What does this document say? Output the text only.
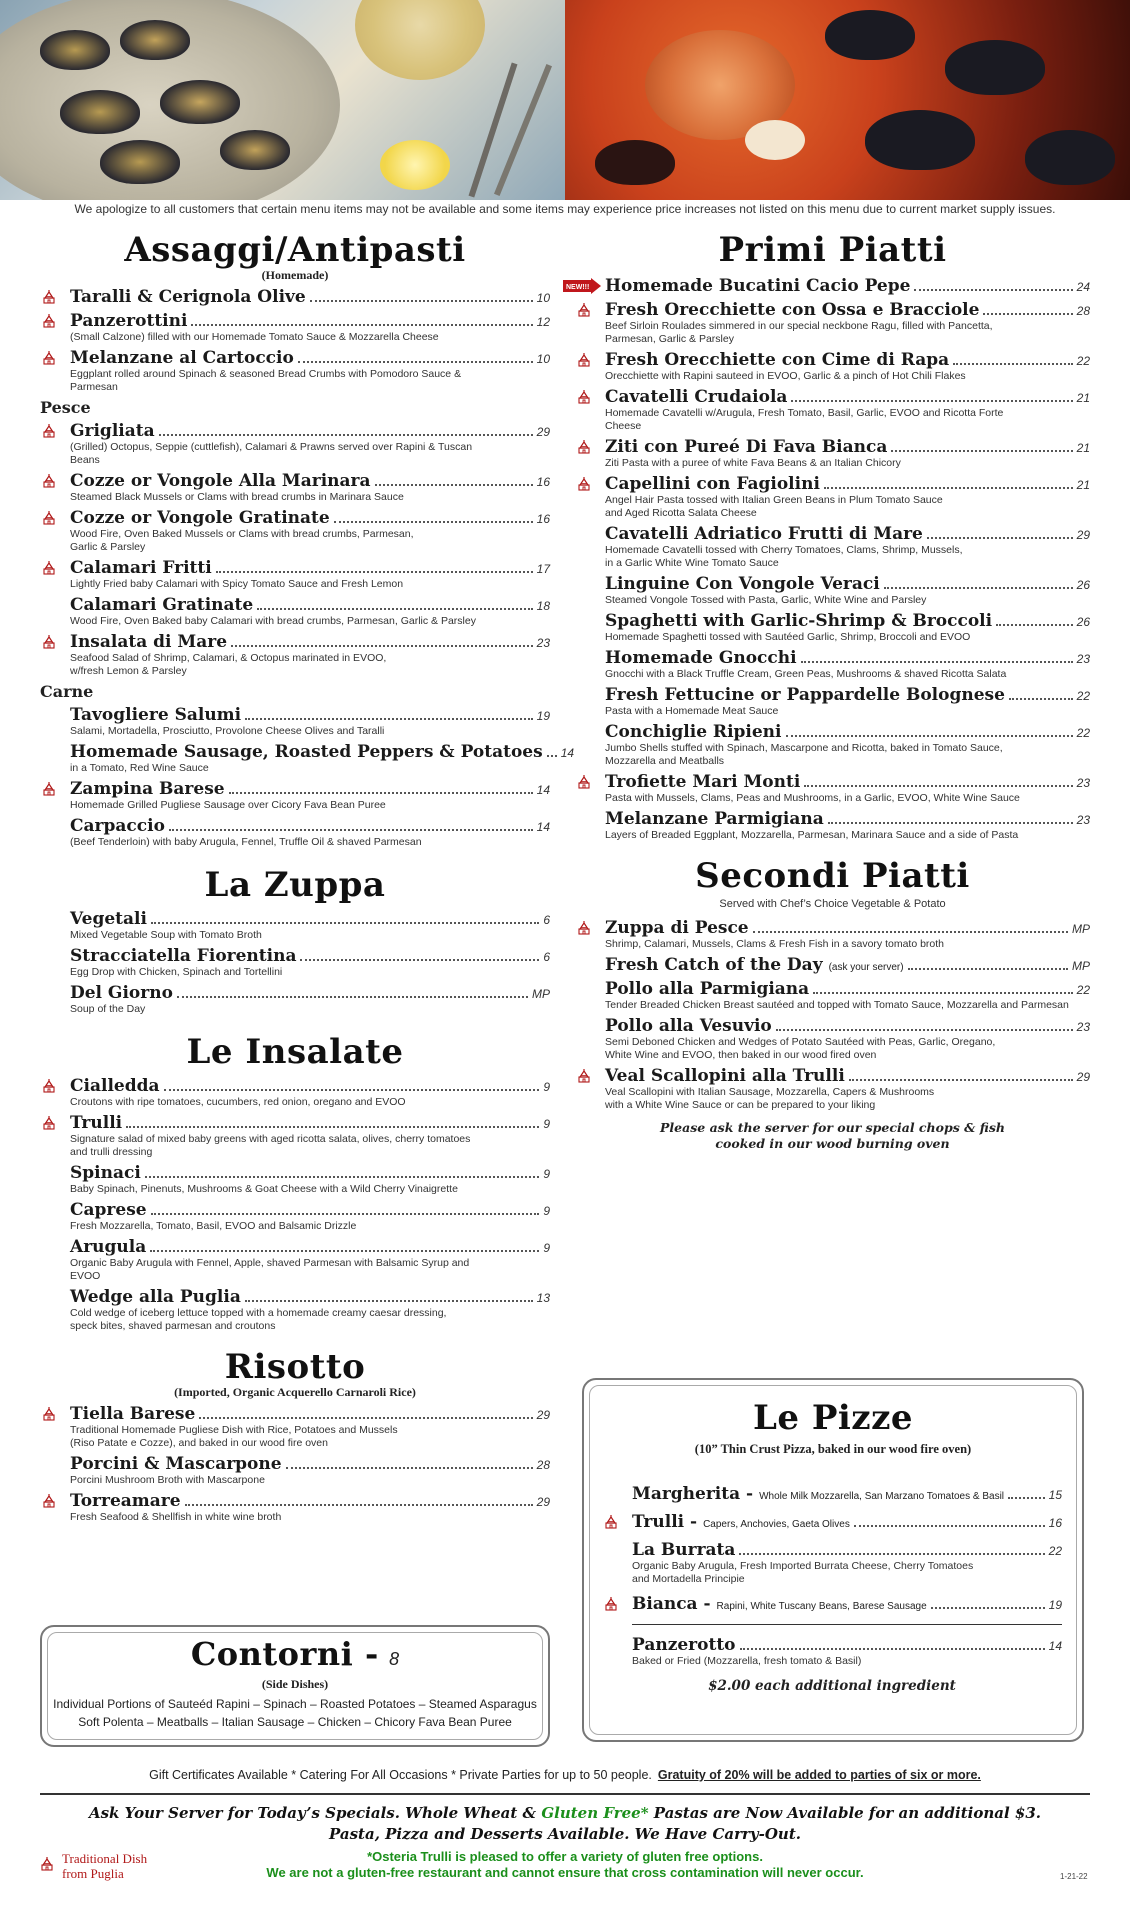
We apologize to all customers that certain menu items may not be available and some items may experience price increases not listed on this menu due to current market supply issues.
Assaggi/Antipasti
(Homemade)
Taralli & Cerignola Olive	10
Panzerottini	12
(Small Calzone) filled with our Homemade Tomato Sauce & Mozzarella Cheese
Melanzane al Cartoccio	10
Eggplant rolled around Spinach & seasoned Bread Crumbs with Pomodoro Sauce & Parmesan
Pesce
Grigliata	29
(Grilled) Octopus, Seppie (cuttlefish), Calamari & Prawns served over Rapini & Tuscan Beans
Cozze or Vongole Alla Marinara	16
Steamed Black Mussels or Clams with bread crumbs in Marinara Sauce
Cozze or Vongole Gratinate	16
Wood Fire, Oven Baked Mussels or Clams with bread crumbs, Parmesan,
Garlic & Parsley
Calamari Fritti	17
Lightly Fried baby Calamari with Spicy Tomato Sauce and Fresh Lemon
Calamari Gratinate	18
Wood Fire, Oven Baked baby Calamari with bread crumbs, Parmesan, Garlic & Parsley
Insalata di Mare	23
Seafood Salad of Shrimp, Calamari, & Octopus marinated in EVOO,
w/fresh Lemon & Parsley
Carne
Tavogliere Salumi	19
Salami, Mortadella, Prosciutto, Provolone Cheese Olives and Taralli
Homemade Sausage, Roasted Peppers & Potatoes 14
in a Tomato, Red Wine Sauce
Zampina Barese	14
Homemade Grilled Pugliese Sausage over Cicory Fava Bean Puree
Carpaccio	14
(Beef Tenderloin) with baby Arugula, Fennel, Truffle Oil & shaved Parmesan
La Zuppa
Vegetali	6
Mixed Vegetable Soup with Tomato Broth
Stracciatella Fiorentina	6
Egg Drop with Chicken, Spinach and Tortellini
Del Giorno	MP
Soup of the Day
Le Insalate
Cialledda	9
Croutons with ripe tomatoes, cucumbers, red onion, oregano and EVOO
Trulli	9
Signature salad of mixed baby greens with aged ricotta salata, olives, cherry tomatoes
and trulli dressing
Spinaci	9
Baby Spinach, Pinenuts, Mushrooms & Goat Cheese with a Wild Cherry Vinaigrette
Caprese	9
Fresh Mozzarella, Tomato, Basil, EVOO and Balsamic Drizzle
Arugula	9
Organic Baby Arugula with Fennel, Apple, shaved Parmesan with Balsamic Syrup and EVOO
Wedge alla Puglia	13
Cold wedge of iceberg lettuce topped with a homemade creamy caesar dressing,
speck bites, shaved parmesan and croutons
Risotto
(Imported, Organic Acquerello Carnaroli Rice)
Tiella Barese	29
Traditional Homemade Pugliese Dish with Rice, Potatoes and Mussels
(Riso Patate e Cozze), and baked in our wood fire oven
Porcini & Mascarpone	28
Porcini Mushroom Broth with Mascarpone
Torreamare	29
Fresh Seafood & Shellfish in white wine broth
Contorni - 8
(Side Dishes)
Individual Portions of Sauteéd Rapini – Spinach – Roasted Potatoes – Steamed Asparagus
Soft Polenta – Meatballs – Italian Sausage – Chicken – Chicory Fava Bean Puree
Primi Piatti
NEW!!! Homemade Bucatini Cacio Pepe	24
Fresh Orecchiette con Ossa e Bracciole	28
Beef Sirloin Roulades simmered in our special neckbone Ragu, filled with Pancetta,
Parmesan, Garlic & Parsley
Fresh Orecchiette con Cime di Rapa	22
Orecchiette with Rapini sauteed in EVOO, Garlic & a pinch of Hot Chili Flakes
Cavatelli Crudaiola	21
Homemade Cavatelli w/Arugula, Fresh Tomato, Basil, Garlic, EVOO and Ricotta Forte Cheese
Ziti con Pureé Di Fava Bianca	21
Ziti Pasta with a puree of white Fava Beans & an Italian Chicory
Capellini con Fagiolini	21
Angel Hair Pasta tossed with Italian Green Beans in Plum Tomato Sauce
and Aged Ricotta Salata Cheese
Cavatelli Adriatico Frutti di Mare	29
Homemade Cavatelli tossed with Cherry Tomatoes, Clams, Shrimp, Mussels,
in a Garlic White Wine Tomato Sauce
Linguine Con Vongole Veraci	26
Steamed Vongole Tossed with Pasta, Garlic, White Wine and Parsley
Spaghetti with Garlic-Shrimp & Broccoli	26
Homemade Spaghetti tossed with Sautéed Garlic, Shrimp, Broccoli and EVOO
Homemade Gnocchi	23
Gnocchi with a Black Truffle Cream, Green Peas, Mushrooms & shaved Ricotta Salata
Fresh Fettucine or Pappardelle Bolognese	22
Pasta with a Homemade Meat Sauce
Conchiglie Ripieni	22
Jumbo Shells stuffed with Spinach, Mascarpone and Ricotta, baked in Tomato Sauce,
Mozzarella and Meatballs
Trofiette Mari Monti	23
Pasta with Mussels, Clams, Peas and Mushrooms, in a Garlic, EVOO, White Wine Sauce
Melanzane Parmigiana	23
Layers of Breaded Eggplant, Mozzarella, Parmesan, Marinara Sauce and a side of Pasta
Secondi Piatti
Served with Chef’s Choice Vegetable & Potato
Zuppa di Pesce	MP
Shrimp, Calamari, Mussels, Clams & Fresh Fish in a savory tomato broth
Fresh Catch of the Day (ask your server)	MP
Pollo alla Parmigiana	22
Tender Breaded Chicken Breast sautéed and topped with Tomato Sauce, Mozzarella and Parmesan
Pollo alla Vesuvio	23
Semi Deboned Chicken and Wedges of Potato Sautéed with Peas, Garlic, Oregano,
White Wine and EVOO, then baked in our wood fired oven
Veal Scallopini alla Trulli	29
Veal Scallopini with Italian Sausage, Mozzarella, Capers & Mushrooms
with a White Wine Sauce or can be prepared to your liking
Please ask the server for our special chops & fish
cooked in our wood burning oven
Le Pizze
(10” Thin Crust Pizza, baked in our wood fire oven)
Margherita - Whole Milk Mozzarella, San Marzano Tomatoes & Basil	15
Trulli - Capers, Anchovies, Gaeta Olives	16
La Burrata	22
Organic Baby Arugula, Fresh Imported Burrata Cheese, Cherry Tomatoes
and Mortadella Principie
Bianca - Rapini, White Tuscany Beans, Barese Sausage	19
Panzerotto	14
Baked or Fried (Mozzarella, fresh tomato & Basil)
$2.00 each additional ingredient
Gift Certificates Available * Catering For All Occasions * Private Parties for up to 50 people. Gratuity of 20% will be added to parties of six or more.
Ask Your Server for Today’s Specials. Whole Wheat & Gluten Free* Pastas are Now Available for an additional $3.
Pasta, Pizza and Desserts Available. We Have Carry-Out.
*Osteria Trulli is pleased to offer a variety of gluten free options.
We are not a gluten-free restaurant and cannot ensure that cross contamination will never occur.
Traditional Dish
from Puglia	1-21-22
